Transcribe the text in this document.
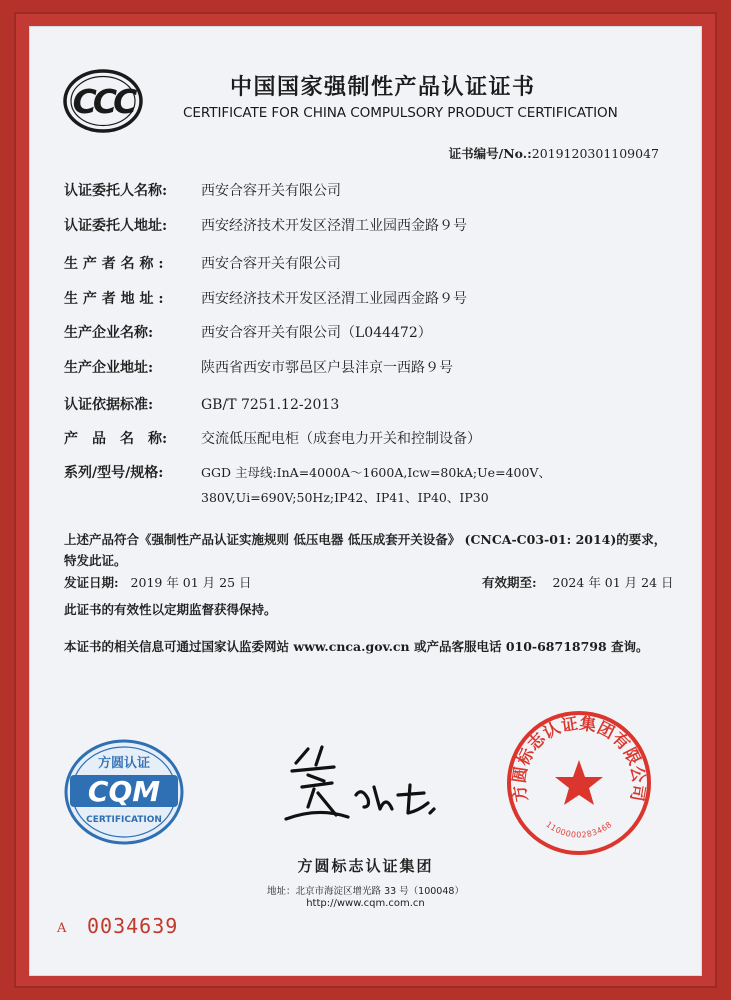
CCC	中国国家强制性产品认证证书
CERTIFICATE FOR CHINA COMPULSORY PRODUCT CERTIFICATION
证书编号/No.:2019120301109047
认证委托人名称: 西安合容开关有限公司
认证委托人地址: 西安经济技术开发区泾渭工业园西金路９号
生 产 者 名 称 :	西安合容开关有限公司
生 产 者 地 址 :	西安经济技术开发区泾渭工业园西金路９号
生产企业名称:	西安合容开关有限公司（L044472）
生产企业地址:	陕西省西安市鄠邑区户县沣京一西路９号
认证依据标准:	GB/T 7251.12-2013
产　品　名　称: 交流低压配电柜（成套电力开关和控制设备）
系列/型号/规格:	GGD 主母线:InA=4000A～1600A,Icw=80kA;Ue=400V、
380V,Ui=690V;50Hz;IP42、IP41、IP40、IP30
上述产品符合《强制性产品认证实施规则 低压电器 低压成套开关设备》 (CNCA-C03-01: 2014)的要求，特发此证。
发证日期: 2019 年 01 月 25 日	有效期至: 2024 年 01 月 24 日
此证书的有效性以定期监督获得保持。
本证书的相关信息可通过国家认监委网站 www.cnca.gov.cn 或产品客服电话 010-68718798 查询。
方圆认证
CQM
CERTIFICATION
方圆标志认证集团有限公司
1100000283468
方圆标志认证集团
地址：北京市海淀区增光路 33 号（100048）
http://www.cqm.com.cn
A 0034639
